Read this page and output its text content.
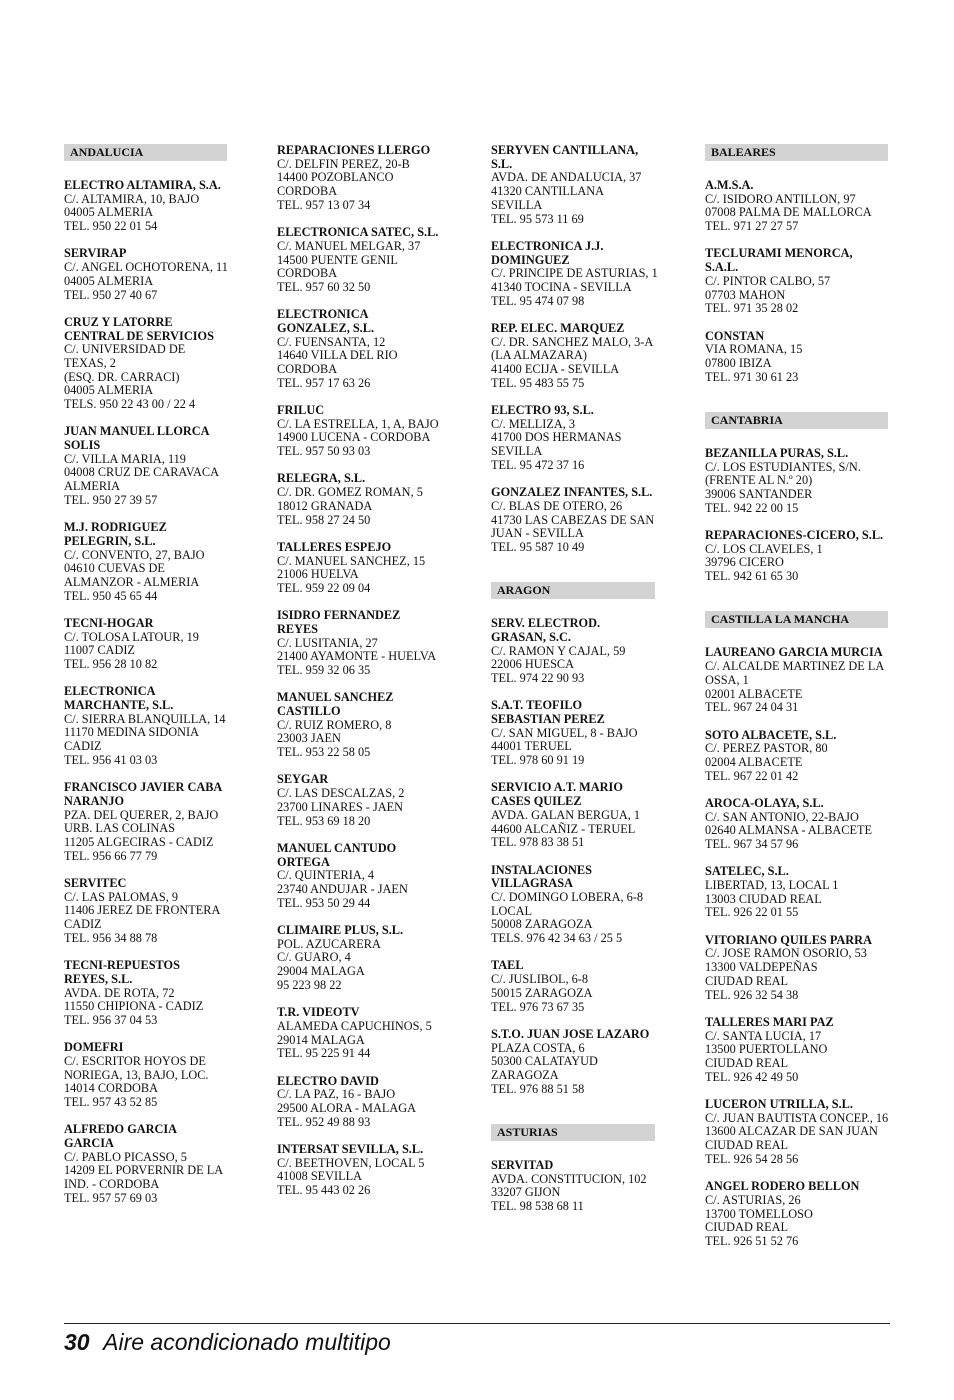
ANDALUCIA
ELECTRO ALTAMIRA, S.A.
C/. ALTAMIRA, 10, BAJO
04005 ALMERIA
TEL. 950 22 01 54
SERVIRAP
C/. ANGEL OCHOTORENA, 11
04005 ALMERIA
TEL. 950 27 40 67
CRUZ Y LATORRE
CENTRAL DE SERVICIOS
C/. UNIVERSIDAD DE
TEXAS, 2
(ESQ. DR. CARRACI)
04005 ALMERIA
TELS. 950 22 43 00 / 22 4
JUAN MANUEL LLORCA
SOLIS
C/. VILLA MARIA, 119
04008 CRUZ DE CARAVACA
ALMERIA
TEL. 950 27 39 57
M.J. RODRIGUEZ
PELEGRIN, S.L.
C/. CONVENTO, 27, BAJO
04610 CUEVAS DE
ALMANZOR - ALMERIA
TEL. 950 45 65 44
TECNI-HOGAR
C/. TOLOSA LATOUR, 19
11007 CADIZ
TEL. 956 28 10 82
ELECTRONICA
MARCHANTE, S.L.
C/. SIERRA BLANQUILLA, 14
11170 MEDINA SIDONIA
CADIZ
TEL. 956 41 03 03
FRANCISCO JAVIER CABA
NARANJO
PZA. DEL QUERER, 2, BAJO
URB. LAS COLINAS
11205 ALGECIRAS - CADIZ
TEL. 956 66 77 79
SERVITEC
C/. LAS PALOMAS, 9
11406 JEREZ DE FRONTERA
CADIZ
TEL. 956 34 88 78
TECNI-REPUESTOS
REYES, S.L.
AVDA. DE ROTA, 72
11550 CHIPIONA - CADIZ
TEL. 956 37 04 53
DOMEFRI
C/. ESCRITOR HOYOS DE
NORIEGA, 13, BAJO, LOC.
14014 CORDOBA
TEL. 957 43 52 85
ALFREDO GARCIA
GARCIA
C/. PABLO PICASSO, 5
14209 EL PORVERNIR DE LA
IND. - CORDOBA
TEL. 957 57 69 03
REPARACIONES LLERGO
C/. DELFIN PEREZ, 20-B
14400 POZOBLANCO
CORDOBA
TEL. 957 13 07 34
ELECTRONICA SATEC, S.L.
C/. MANUEL MELGAR, 37
14500 PUENTE GENIL
CORDOBA
TEL. 957 60 32 50
ELECTRONICA
GONZALEZ, S.L.
C/. FUENSANTA, 12
14640 VILLA DEL RIO
CORDOBA
TEL. 957 17 63 26
FRILUC
C/. LA ESTRELLA, 1, A, BAJO
14900 LUCENA - CORDOBA
TEL. 957 50 93 03
RELEGRA, S.L.
C/. DR. GOMEZ ROMAN, 5
18012 GRANADA
TEL. 958 27 24 50
TALLERES ESPEJO
C/. MANUEL SANCHEZ, 15
21006 HUELVA
TEL. 959 22 09 04
ISIDRO FERNANDEZ
REYES
C/. LUSITANIA, 27
21400 AYAMONTE - HUELVA
TEL. 959 32 06 35
MANUEL SANCHEZ
CASTILLO
C/. RUIZ ROMERO, 8
23003 JAEN
TEL. 953 22 58 05
SEYGAR
C/. LAS DESCALZAS, 2
23700 LINARES - JAEN
TEL. 953 69 18 20
MANUEL CANTUDO
ORTEGA
C/. QUINTERIA, 4
23740 ANDUJAR - JAEN
TEL. 953 50 29 44
CLIMAIRE PLUS, S.L.
POL. AZUCARERA
C/. GUARO, 4
29004 MALAGA
95 223 98 22
T.R. VIDEOTV
ALAMEDA CAPUCHINOS, 5
29014 MALAGA
TEL. 95 225 91 44
ELECTRO DAVID
C/. LA PAZ, 16 - BAJO
29500 ALORA - MALAGA
TEL. 952 49 88 93
INTERSAT SEVILLA, S.L.
C/. BEETHOVEN, LOCAL 5
41008 SEVILLA
TEL. 95 443 02 26
SERYVEN CANTILLANA,
S.L.
AVDA. DE ANDALUCIA, 37
41320 CANTILLANA
SEVILLA
TEL. 95 573 11 69
ELECTRONICA J.J.
DOMINGUEZ
C/. PRINCIPE DE ASTURIAS, 1
41340 TOCINA - SEVILLA
TEL. 95 474 07 98
REP. ELEC. MARQUEZ
C/. DR. SANCHEZ MALO, 3-A
(LA ALMAZARA)
41400 ECIJA - SEVILLA
TEL. 95 483 55 75
ELECTRO 93, S.L.
C/. MELLIZA, 3
41700 DOS HERMANAS
SEVILLA
TEL. 95 472 37 16
GONZALEZ INFANTES, S.L.
C/. BLAS DE OTERO, 26
41730 LAS CABEZAS DE SAN
JUAN - SEVILLA
TEL. 95 587 10 49
ARAGON
SERV. ELECTROD.
GRASAN, S.C.
C/. RAMON Y CAJAL, 59
22006 HUESCA
TEL. 974 22 90 93
S.A.T. TEOFILO
SEBASTIAN PEREZ
C/. SAN MIGUEL, 8 - BAJO
44001 TERUEL
TEL. 978 60 91 19
SERVICIO A.T. MARIO
CASES QUILEZ
AVDA. GALAN BERGUA, 1
44600 ALCAÑIZ - TERUEL
TEL. 978 83 38 51
INSTALACIONES
VILLAGRASA
C/. DOMINGO LOBERA, 6-8
LOCAL
50008 ZARAGOZA
TELS. 976 42 34 63 / 25 5
TAEL
C/. JUSLIBOL, 6-8
50015 ZARAGOZA
TEL. 976 73 67 35
S.T.O. JUAN JOSE LAZARO
PLAZA COSTA, 6
50300 CALATAYUD
ZARAGOZA
TEL. 976 88 51 58
ASTURIAS
SERVITAD
AVDA. CONSTITUCION, 102
33207 GIJON
TEL. 98 538 68 11
BALEARES
A.M.S.A.
C/. ISIDORO ANTILLON, 97
07008 PALMA DE MALLORCA
TEL. 971 27 27 57
TECLURAMI MENORCA,
S.A.L.
C/. PINTOR CALBO, 57
07703 MAHON
TEL. 971 35 28 02
CONSTAN
VIA ROMANA, 15
07800 IBIZA
TEL. 971 30 61 23
CANTABRIA
BEZANILLA PURAS, S.L.
C/. LOS ESTUDIANTES, S/N.
(FRENTE AL N.º 20)
39006 SANTANDER
TEL. 942 22 00 15
REPARACIONES-CICERO, S.L.
C/. LOS CLAVELES, 1
39796 CICERO
TEL. 942 61 65 30
CASTILLA LA MANCHA
LAUREANO GARCIA MURCIA
C/. ALCALDE MARTINEZ DE LA
OSSA, 1
02001 ALBACETE
TEL. 967 24 04 31
SOTO ALBACETE, S.L.
C/. PEREZ PASTOR, 80
02004 ALBACETE
TEL. 967 22 01 42
AROCA-OLAYA, S.L.
C/. SAN ANTONIO, 22-BAJO
02640 ALMANSA - ALBACETE
TEL. 967 34 57 96
SATELEC, S.L.
LIBERTAD, 13, LOCAL 1
13003 CIUDAD REAL
TEL. 926 22 01 55
VITORIANO QUILES PARRA
C/. JOSE RAMON OSORIO, 53
13300 VALDEPEÑAS
CIUDAD REAL
TEL. 926 32 54 38
TALLERES MARI PAZ
C/. SANTA LUCIA, 17
13500 PUERTOLLANO
CIUDAD REAL
TEL. 926 42 49 50
LUCERON UTRILLA, S.L.
C/. JUAN BAUTISTA CONCEP., 16
13600 ALCAZAR DE SAN JUAN
CIUDAD REAL
TEL. 926 54 28 56
ANGEL RODERO BELLON
C/. ASTURIAS, 26
13700 TOMELLOSO
CIUDAD REAL
TEL. 926 51 52 76
30 Aire acondicionado multitipo
